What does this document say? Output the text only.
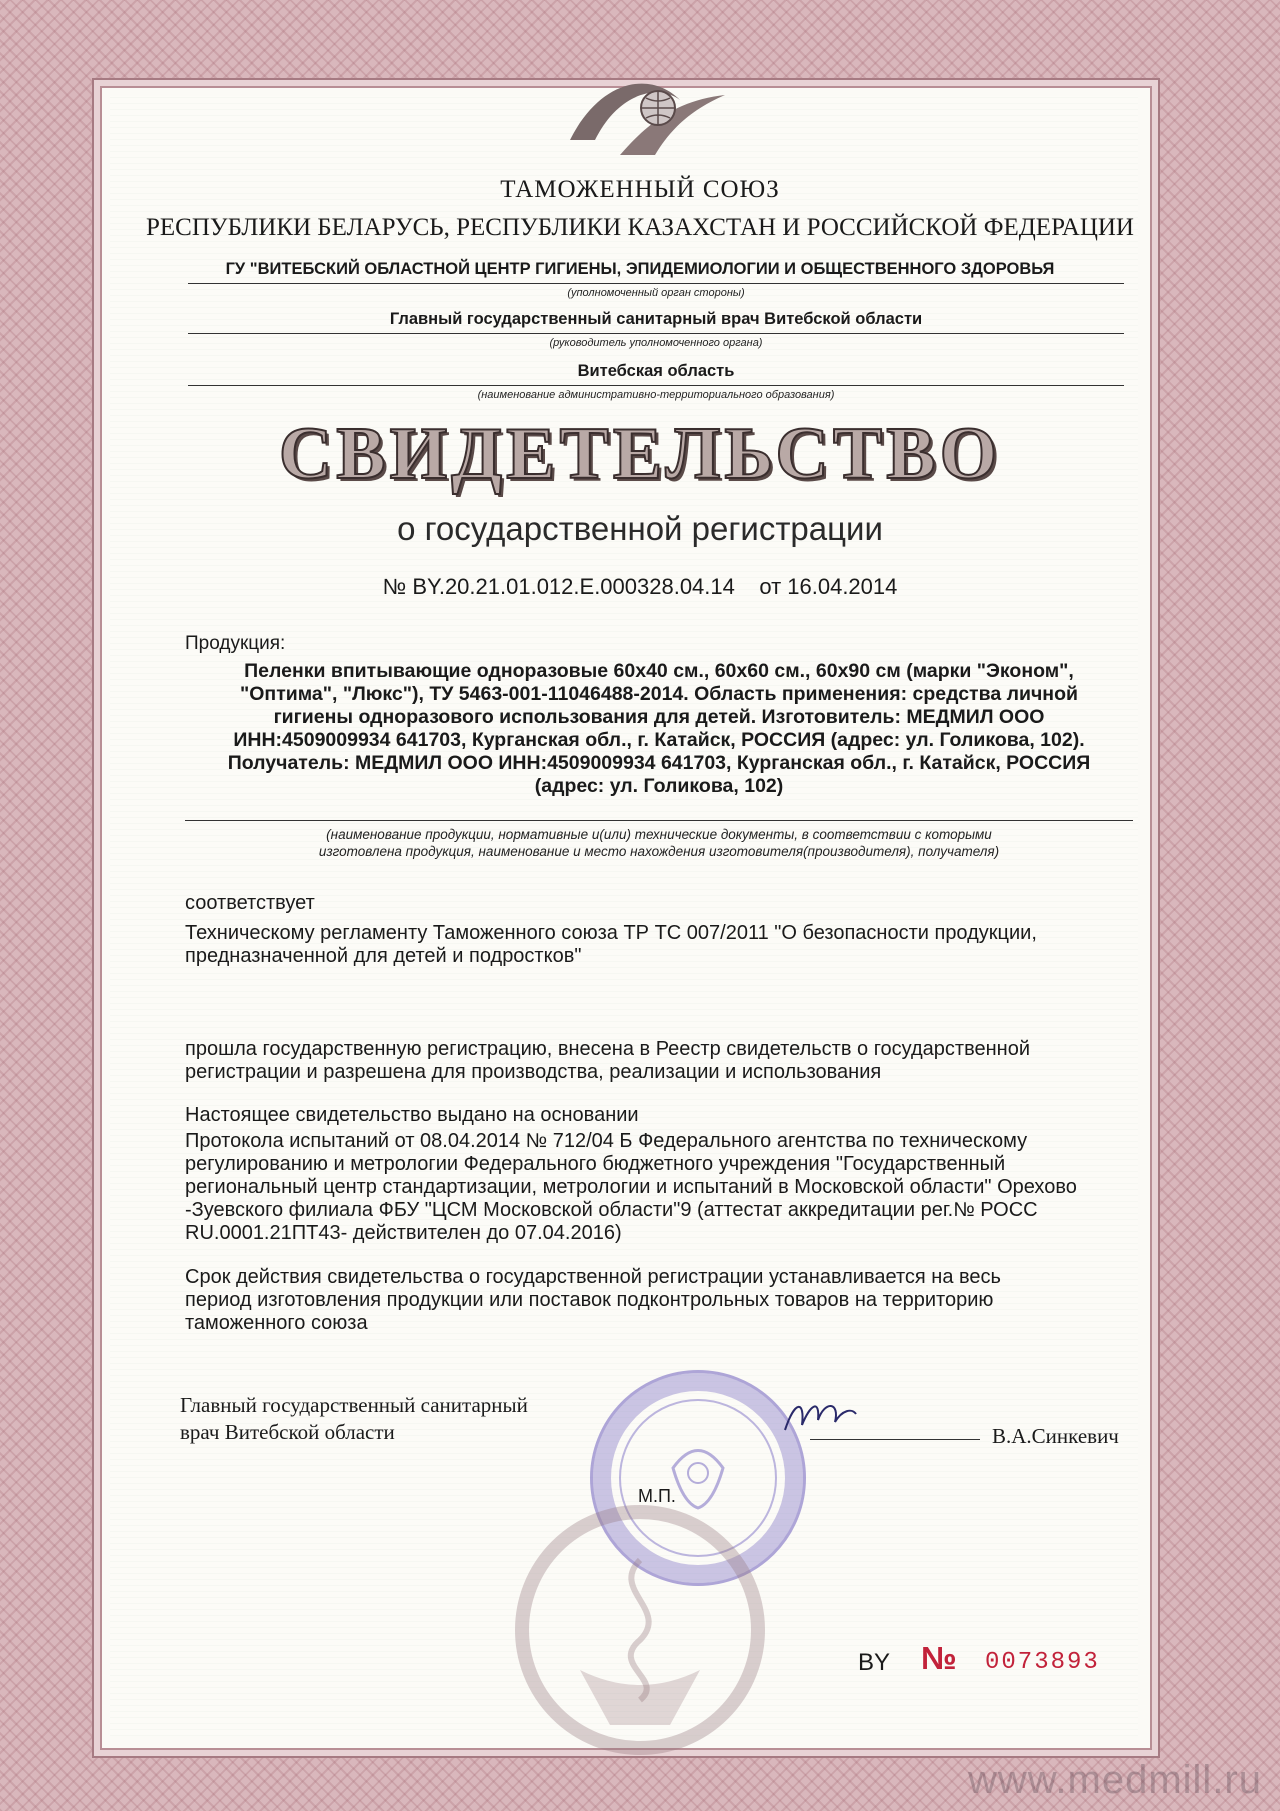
ТАМОЖЕННЫЙ СОЮЗ
РЕСПУБЛИКИ БЕЛАРУСЬ, РЕСПУБЛИКИ КАЗАХСТАН И РОССИЙСКОЙ ФЕДЕРАЦИИ
ГУ "ВИТЕБСКИЙ ОБЛАСТНОЙ ЦЕНТР ГИГИЕНЫ, ЭПИДЕМИОЛОГИИ И ОБЩЕСТВЕННОГО ЗДОРОВЬЯ
(уполномоченный орган стороны)
Главный государственный санитарный врач Витебской области
(руководитель уполномоченного органа)
Витебская область
(наименование административно-территориального образования)
СВИДЕТЕЛЬСТВО
о государственной регистрации
№ BY.20.21.01.012.E.000328.04.14    от 16.04.2014
Продукция:
Пеленки впитывающие одноразовые 60х40 см., 60х60 см., 60х90 см (марки "Эконом",
"Оптима", "Люкс"), ТУ 5463-001-11046488-2014. Область применения: средства личной
гигиены одноразового использования для детей. Изготовитель: МЕДМИЛ ООО
ИНН:4509009934 641703, Курганская обл., г. Катайск, РОССИЯ (адрес: ул. Голикова, 102).
Получатель: МЕДМИЛ ООО ИНН:4509009934 641703, Курганская обл., г. Катайск, РОССИЯ
(адрес: ул. Голикова, 102)
(наименование продукции, нормативные и(или) технические документы, в соответствии с которыми
изготовлена продукция, наименование и место нахождения изготовителя(производителя), получателя)
соответствует
Техническому регламенту Таможенного союза ТР ТС 007/2011 "О безопасности продукции,
предназначенной для детей и подростков"
прошла государственную регистрацию, внесена в Реестр свидетельств о государственной
регистрации и разрешена для производства, реализации и использования
Настоящее свидетельство выдано на основании
Протокола испытаний от 08.04.2014 № 712/04 Б Федерального агентства по техническому
регулированию и метрологии Федерального бюджетного учреждения "Государственный
региональный центр стандартизации, метрологии и испытаний в Московской области" Орехово
-Зуевского филиала ФБУ "ЦСМ Московской области"9 (аттестат аккредитации рег.№ РОСС
RU.0001.21ПТ43- действителен до 07.04.2016)
Срок действия свидетельства о государственной регистрации устанавливается на весь
период изготовления продукции или поставок подконтрольных товаров на территорию
таможенного союза
Главный государственный санитарный
врач Витебской области	В.А.Синкевич
М.П.
BY № 0073893
www.medmill.ru
